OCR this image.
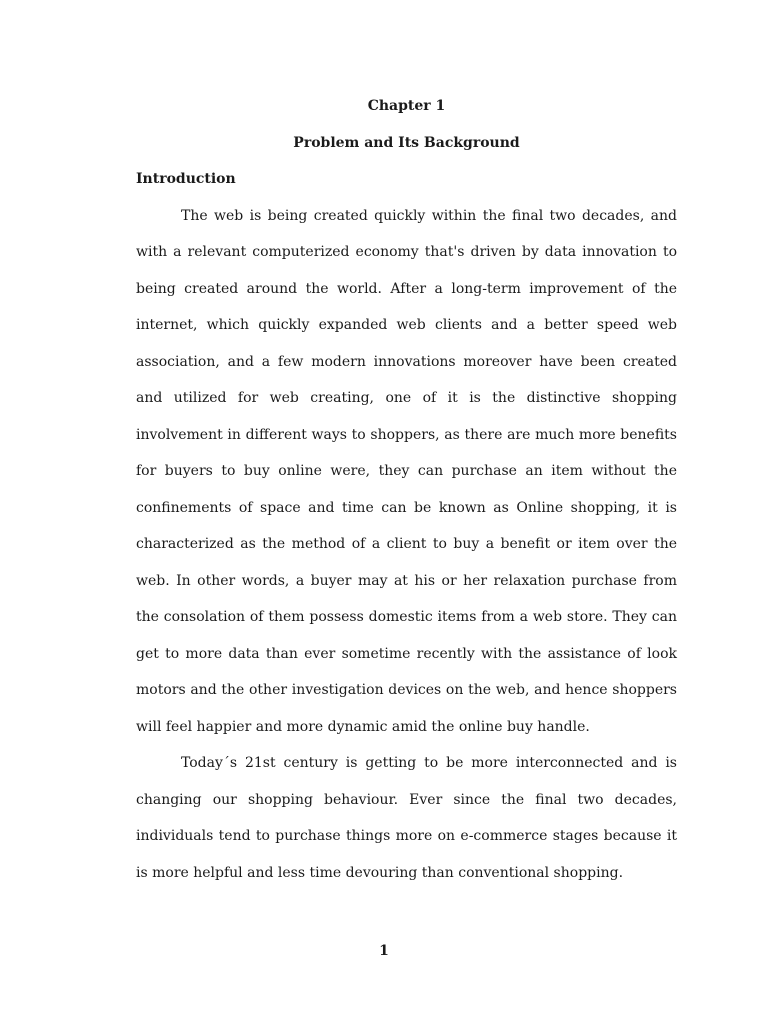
Chapter 1

Problem and Its Background

Introduction

The web is being created quickly within the final two decades, and with a relevant computerized economy that's driven by data innovation to being created around the world. After a long-term improvement of the internet, which quickly expanded web clients and a better speed web association, and a few modern innovations moreover have been created and utilized for web creating, one of it is the distinctive shopping involvement in different ways to shoppers, as there are much more benefits for buyers to buy online were, they can purchase an item without the confinements of space and time can be known as Online shopping, it is characterized as the method of a client to buy a benefit or item over the web. In other words, a buyer may at his or her relaxation purchase from the consolation of them possess domestic items from a web store. They can get to more data than ever sometime recently with the assistance of look motors and the other investigation devices on the web, and hence shoppers will feel happier and more dynamic amid the online buy handle.

Today´s 21st century is getting to be more interconnected and is changing our shopping behaviour. Ever since the final two decades, individuals tend to purchase things more on e-commerce stages because it is more helpful and less time devouring than conventional shopping.

1
